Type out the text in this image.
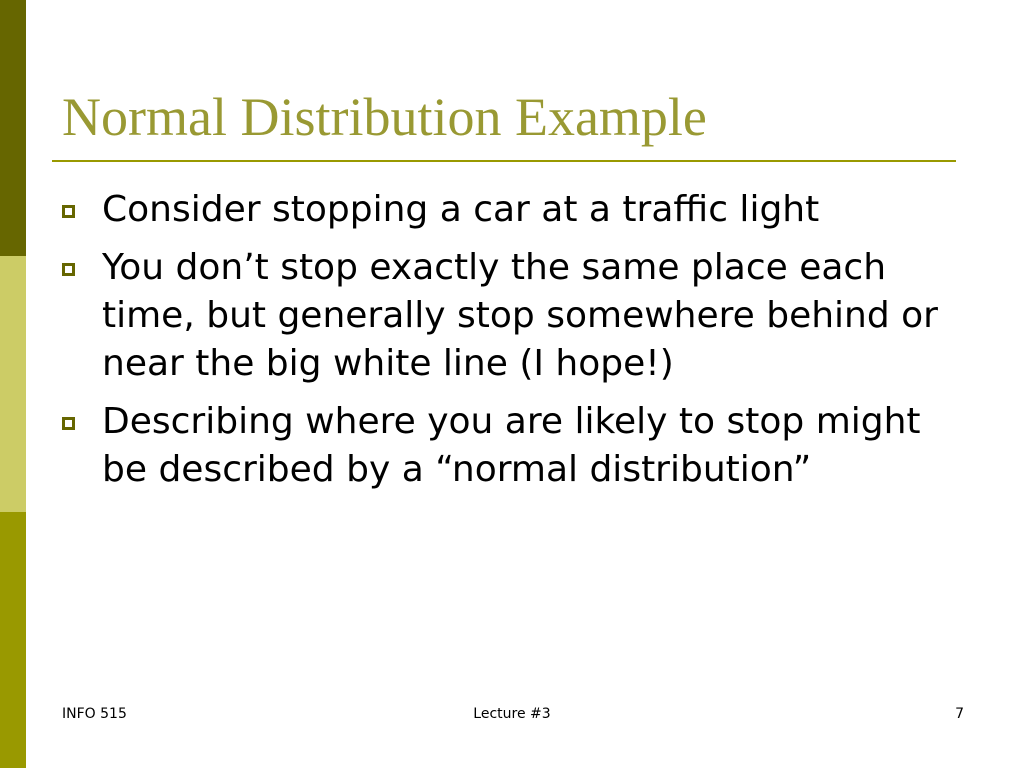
Normal Distribution Example
Consider stopping a car at a traffic light
You don’t stop exactly the same place each time, but generally stop somewhere behind or near the big white line (I hope!)
Describing where you are likely to stop might be described by a “normal distribution”
INFO 515	Lecture #3	7
